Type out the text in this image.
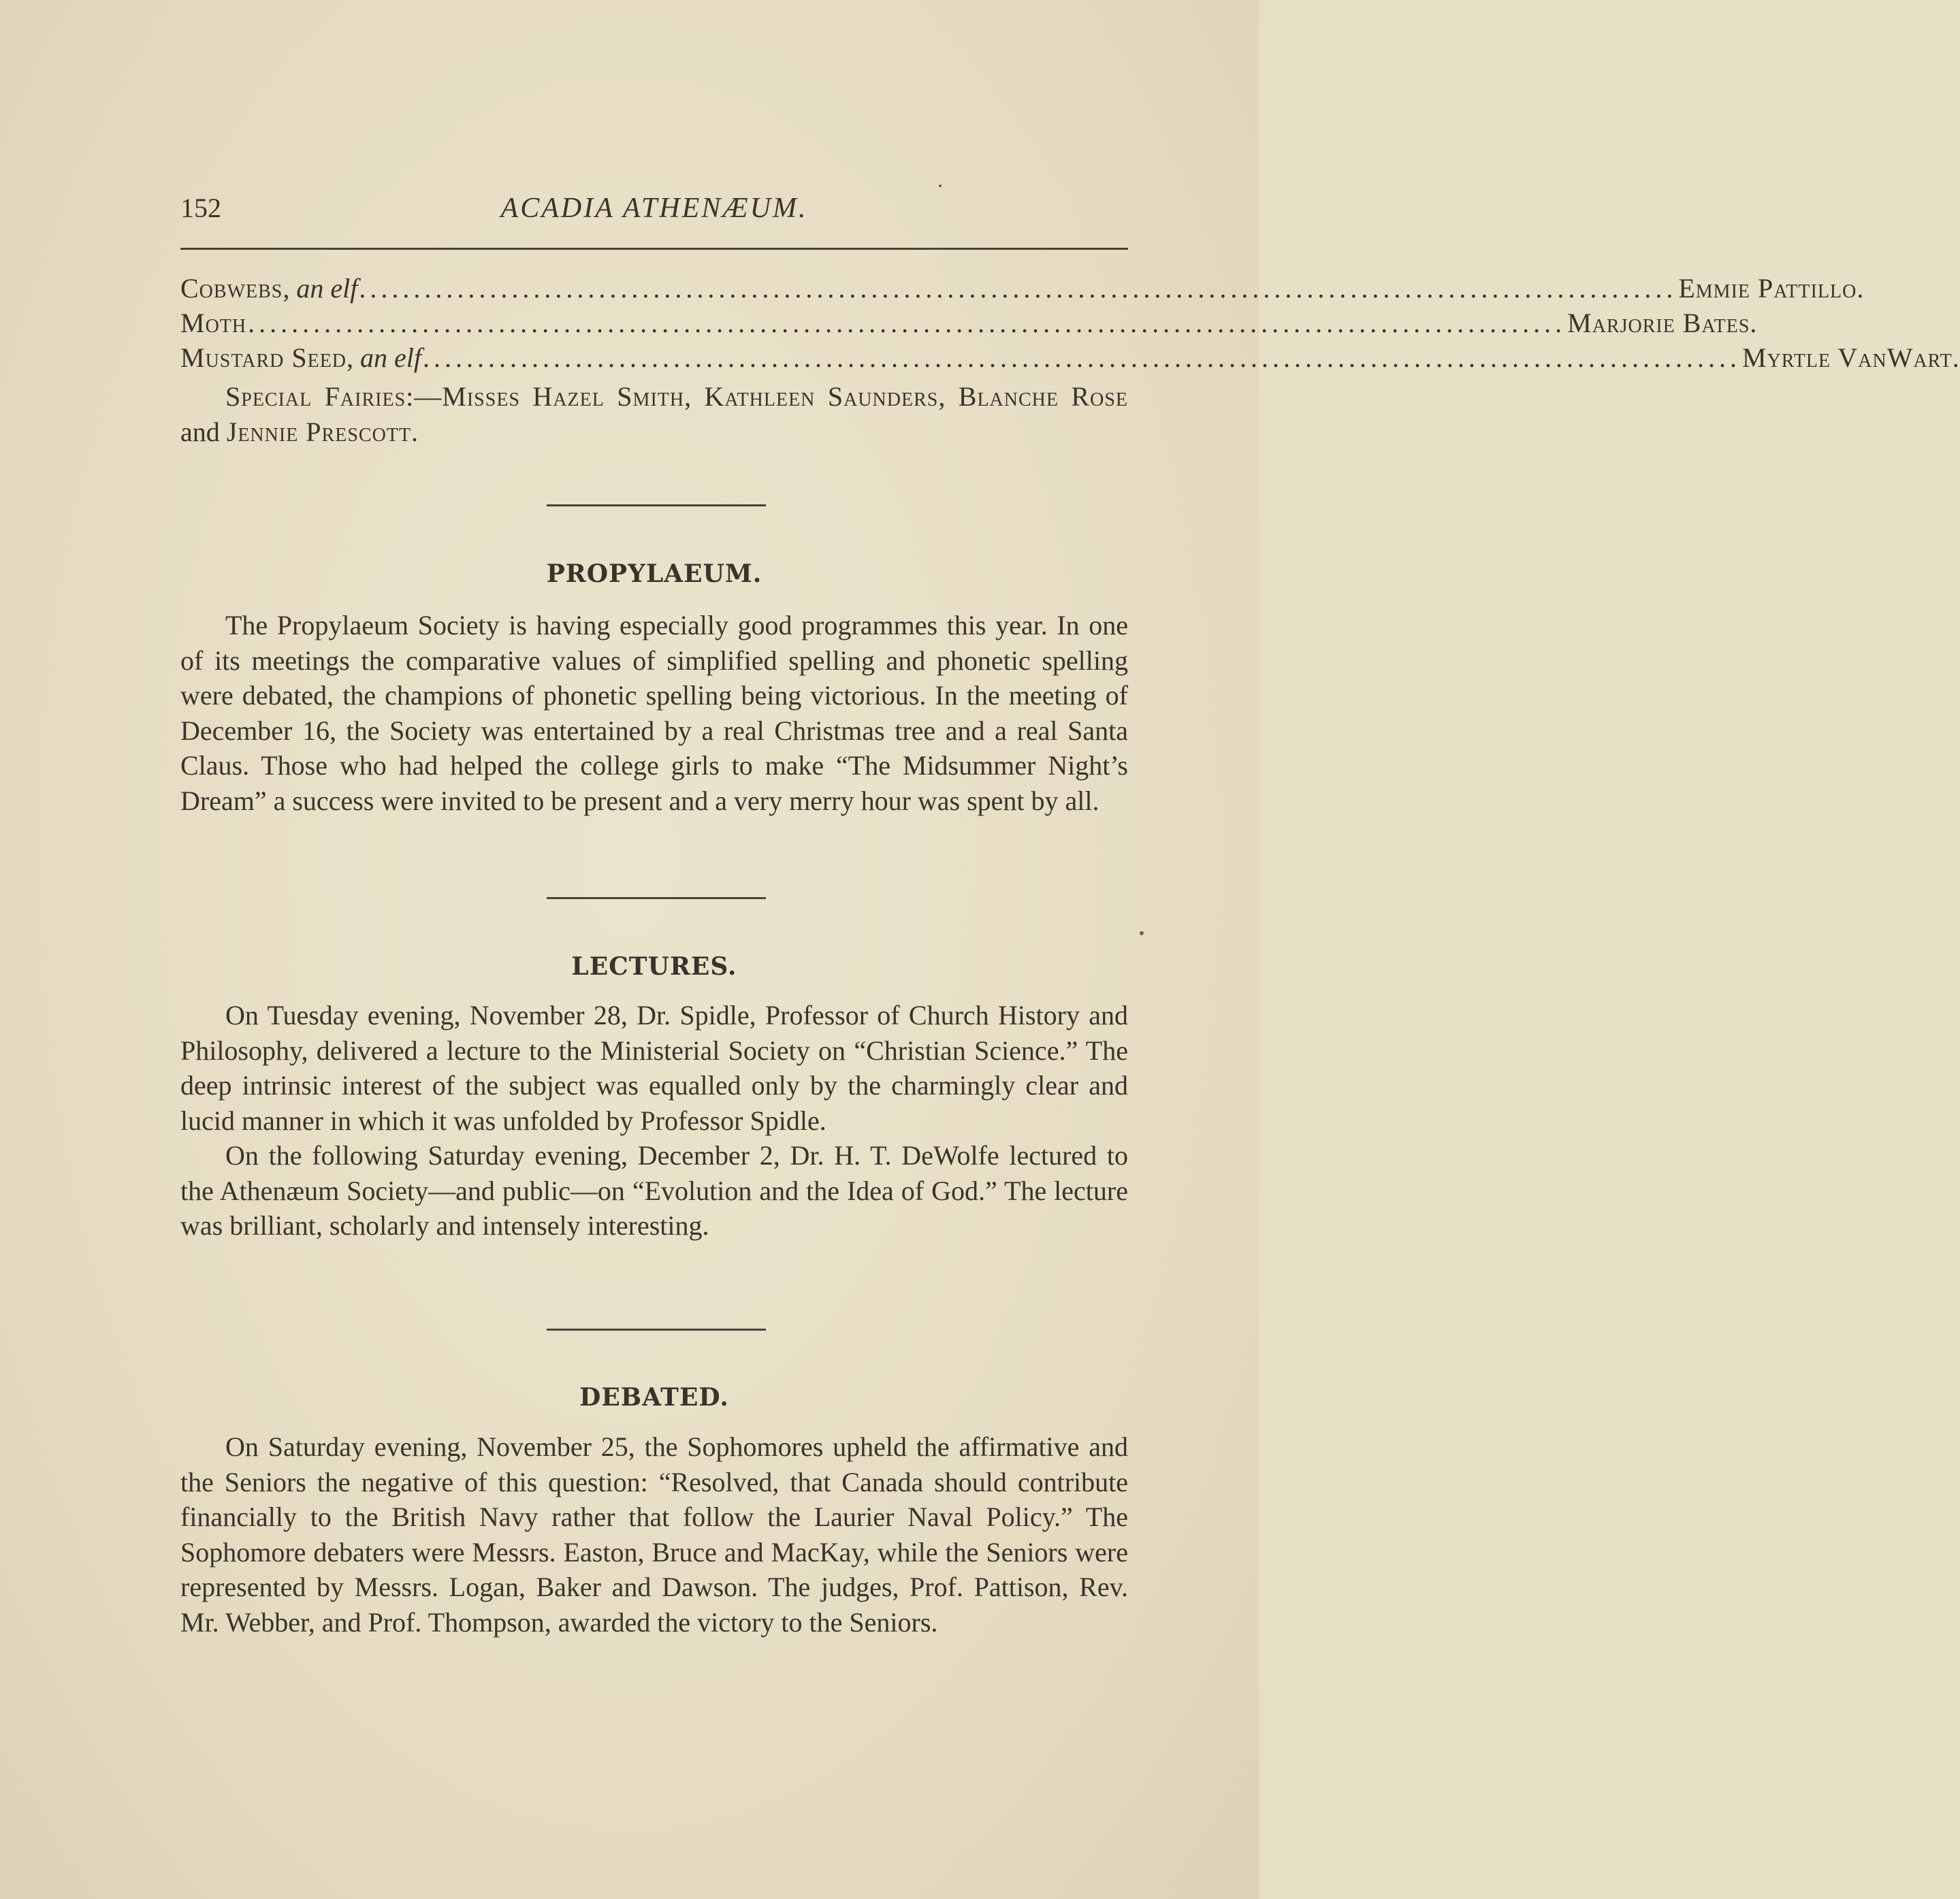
152	ACADIA ATHENÆUM.
Cobwebs , an elf ......................................................................................................................... Emmie Pattillo.
Moth ......................................................................................................................... Marjorie Bates.
Mustard Seed , an elf ......................................................................................................................... Myrtle VanWart.
Special Fairies:—Misses Hazel Smith, Kathleen Saunders, Blanche Rose and Jennie Prescott.
PROPYLAEUM.

The Propylaeum Society is having especially good programmes this year. In one of its meetings the comparative values of simplified spelling and phonetic spelling were debated, the champions of phonetic spelling being victorious. In the meeting of December 16, the Society was entertained by a real Christmas tree and a real Santa Claus. Those who had helped the college girls to make “The Midsummer Night’s Dream” a success were invited to be present and a very merry hour was spent by all.

LECTURES.

On Tuesday evening, November 28, Dr. Spidle, Professor of Church History and Philosophy, delivered a lecture to the Ministerial Society on “Christian Science.” The deep intrinsic interest of the subject was equalled only by the charmingly clear and lucid manner in which it was unfolded by Professor Spidle.

On the following Saturday evening, December 2, Dr. H. T. DeWolfe lectured to the Athenæum Society—and public—on “Evolution and the Idea of God.” The lecture was brilliant, scholarly and intensely interesting.

DEBATED.

On Saturday evening, November 25, the Sophomores upheld the affirmative and the Seniors the negative of this question: “Resolved, that Canada should contribute financially to the British Navy rather that follow the Laurier Naval Policy.” The Sophomore debaters were Messrs. Easton, Bruce and MacKay, while the Seniors were represented by Messrs. Logan, Baker and Dawson. The judges, Prof. Pattison, Rev. Mr. Webber, and Prof. Thompson, awarded the victory to the Seniors.
